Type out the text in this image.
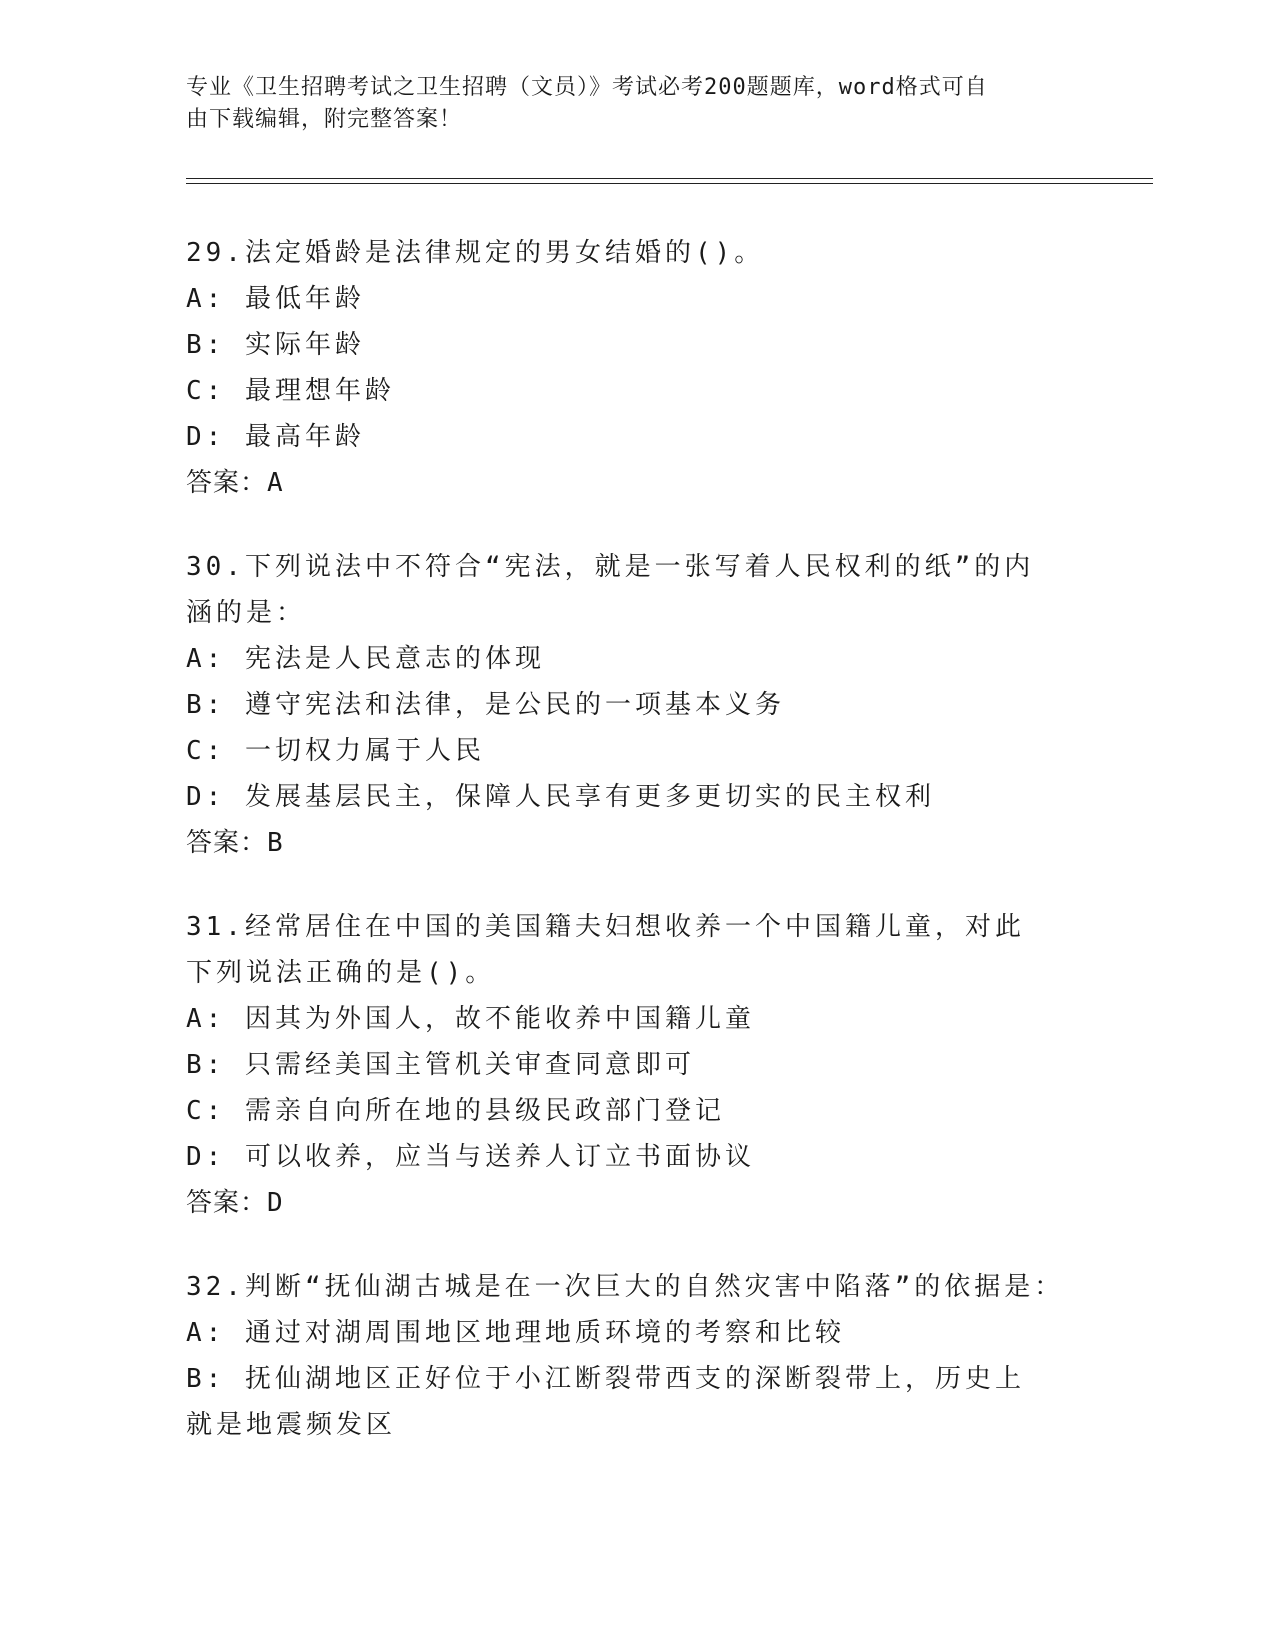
专业《卫生招聘考试之卫生招聘（文员）》考试必考200题题库，word格式可自
由下载编辑，附完整答案！
29.法定婚龄是法律规定的男女结婚的()。
A: 最低年龄
B: 实际年龄
C: 最理想年龄
D: 最高年龄
答案：A
30.下列说法中不符合“宪法，就是一张写着人民权利的纸”的内涵的是：
A: 宪法是人民意志的体现
B: 遵守宪法和法律，是公民的一项基本义务
C: 一切权力属于人民
D: 发展基层民主，保障人民享有更多更切实的民主权利
答案：B
31.经常居住在中国的美国籍夫妇想收养一个中国籍儿童，对此下列说法正确的是()。
A: 因其为外国人，故不能收养中国籍儿童
B: 只需经美国主管机关审查同意即可
C: 需亲自向所在地的县级民政部门登记
D: 可以收养，应当与送养人订立书面协议
答案：D
32.判断“抚仙湖古城是在一次巨大的自然灾害中陷落”的依据是：
A: 通过对湖周围地区地理地质环境的考察和比较
B: 抚仙湖地区正好位于小江断裂带西支的深断裂带上，历史上就是地震频发区
